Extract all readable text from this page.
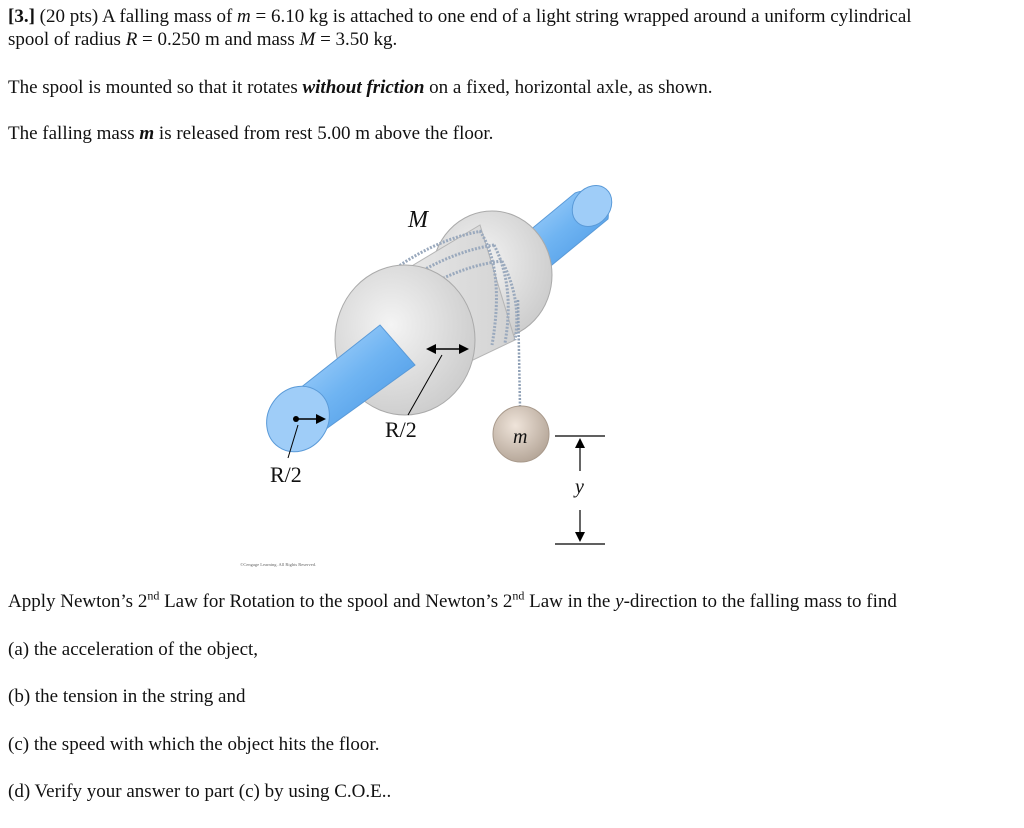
[3.] (20 pts) A falling mass of m = 6.10 kg is attached to one end of a light string wrapped around a uniform cylindrical
spool of radius R = 0.250 m and mass M = 3.50 kg.
The spool is mounted so that it rotates without friction on a fixed, horizontal axle, as shown.
The falling mass m is released from rest 5.00 m above the floor.
M
R/2
R/2
m
y
©Cengage Learning. All Rights Reserved.
Apply Newton’s 2nd Law for Rotation to the spool and Newton’s 2nd Law in the y-direction to the falling mass to find
(a) the acceleration of the object,
(b) the tension in the string and
(c) the speed with which the object hits the floor.
(d) Verify your answer to part (c) by using C.O.E..
